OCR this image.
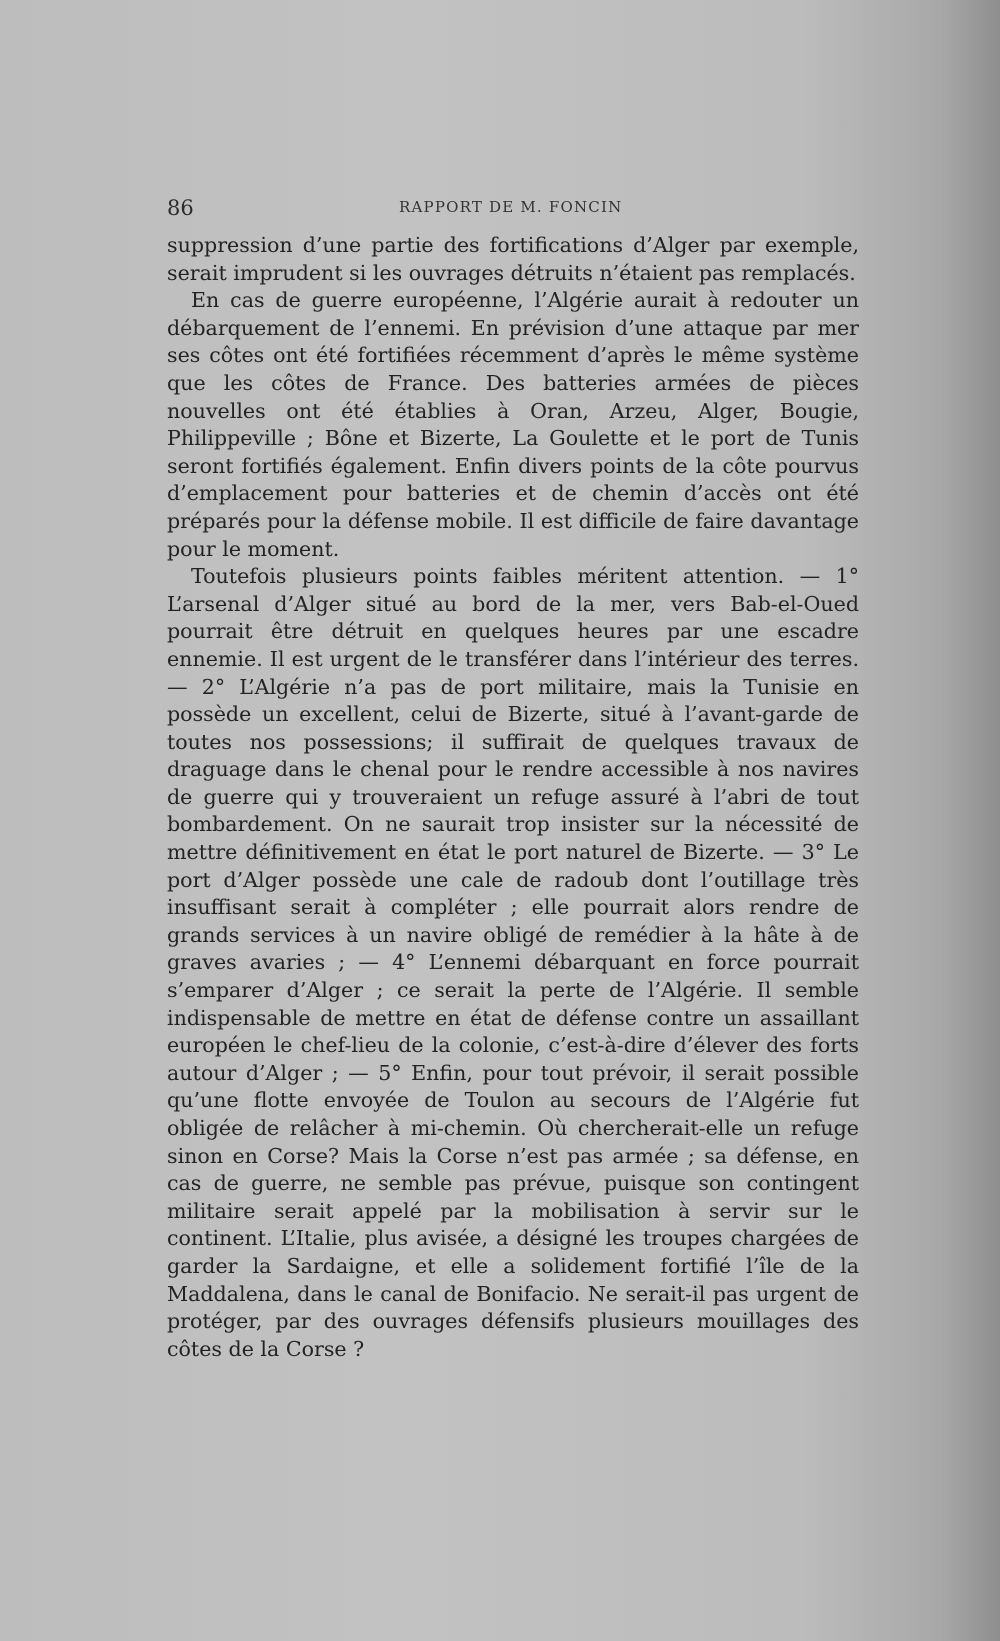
86	RAPPORT DE M. FONCIN

suppression d’une partie des fortifications d’Alger par exemple, serait imprudent si les ouvrages détruits n’étaient pas remplacés.

En cas de guerre européenne, l’Algérie aurait à redouter un débarquement de l’ennemi. En prévision d’une attaque par mer ses côtes ont été fortifiées récemment d’après le même système que les côtes de France. Des batteries armées de pièces nouvelles ont été établies à Oran, Arzeu, Alger, Bougie, Philippeville ; Bône et Bizerte, La Goulette et le port de Tunis seront fortifiés également. Enfin divers points de la côte pourvus d’emplacement pour batteries et de chemin d’accès ont été préparés pour la défense mobile. Il est difficile de faire davantage pour le moment.

Toutefois plusieurs points faibles méritent attention. — 1° L’arsenal d’Alger situé au bord de la mer, vers Bab-el-Oued pourrait être détruit en quelques heures par une escadre ennemie. Il est urgent de le transférer dans l’intérieur des terres. — 2° L’Algérie n’a pas de port militaire, mais la Tunisie en possède un excellent, celui de Bizerte, situé à l’avant-garde de toutes nos possessions; il suffirait de quelques travaux de draguage dans le chenal pour le rendre accessible à nos navires de guerre qui y trouveraient un refuge assuré à l’abri de tout bombardement. On ne saurait trop insister sur la nécessité de mettre définitivement en état le port naturel de Bizerte. — 3° Le port d’Alger possède une cale de radoub dont l’outillage très insuffisant serait à compléter ; elle pourrait alors rendre de grands services à un navire obligé de remédier à la hâte à de graves avaries ; — 4° L’ennemi débarquant en force pourrait s’emparer d’Alger ; ce serait la perte de l’Algérie. Il semble indispensable de mettre en état de défense contre un assaillant européen le chef-lieu de la colonie, c’est-à-dire d’élever des forts autour d’Alger ; — 5° Enfin, pour tout prévoir, il serait possible qu’une flotte envoyée de Toulon au secours de l’Algérie fut obligée de relâcher à mi-chemin. Où chercherait-elle un refuge sinon en Corse? Mais la Corse n’est pas armée ; sa défense, en cas de guerre, ne semble pas prévue, puisque son contingent militaire serait appelé par la mobilisation à servir sur le continent. L’Italie, plus avisée, a désigné les troupes chargées de garder la Sardaigne, et elle a solidement fortifié l’île de la Maddalena, dans le canal de Bonifacio. Ne serait-il pas urgent de protéger, par des ouvrages défensifs plusieurs mouillages des côtes de la Corse ?
